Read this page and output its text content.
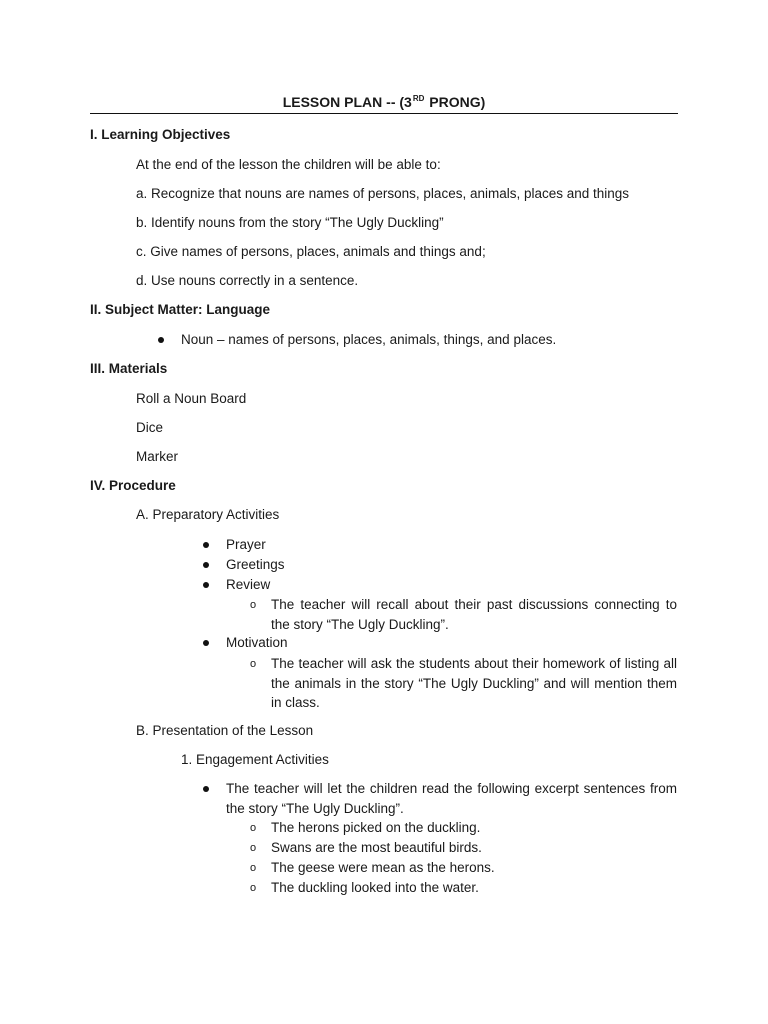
LESSON PLAN -- (3RD PRONG)
I. Learning Objectives
At the end of the lesson the children will be able to:
a. Recognize that nouns are names of persons, places, animals, places and things
b. Identify nouns from the story “The Ugly Duckling”
c. Give names of persons, places, animals and things and;
d. Use nouns correctly in a sentence.
II. Subject Matter: Language
Noun – names of persons, places, animals, things, and places.
III. Materials
Roll a Noun Board
Dice
Marker
IV. Procedure
A. Preparatory Activities
Prayer
Greetings
Review
o The teacher will recall about their past discussions connecting to the story “The Ugly Duckling”.
Motivation
o The teacher will ask the students about their homework of listing all the animals in the story “The Ugly Duckling” and will mention them in class.
B. Presentation of the Lesson
1. Engagement Activities
The teacher will let the children read the following excerpt sentences from the story “The Ugly Duckling”.
o The herons picked on the duckling.
o Swans are the most beautiful birds.
o The geese were mean as the herons.
o The duckling looked into the water.
